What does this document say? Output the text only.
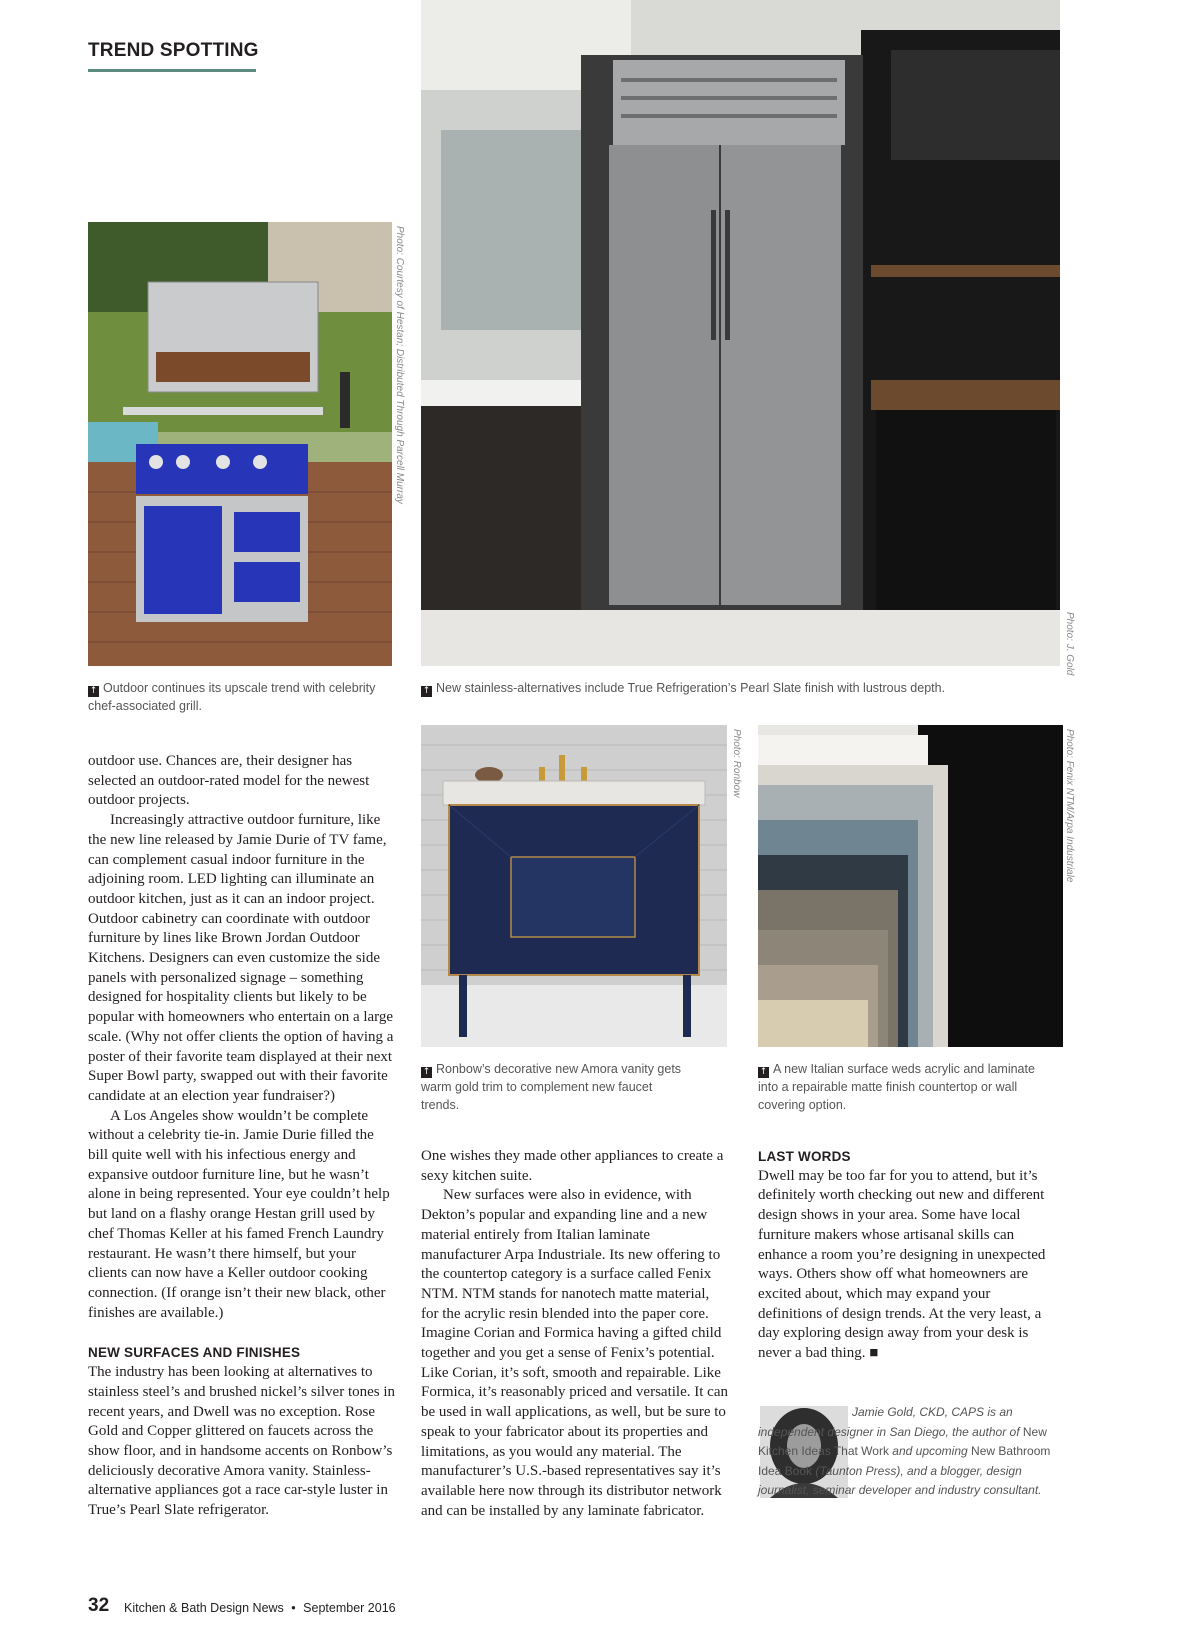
TREND SPOTTING
Photo: Courtesy of Hestan; Distributed Through Parcell Murray
Photo: J. Gold
↑ Outdoor continues its upscale trend with celebrity chef-associated grill.
↑ New stainless-alternatives include True Refrigeration’s Pearl Slate finish with lustrous depth.
Photo: Ronbow	Photo: Fenix NTM/Arpa Industriale
↑ Ronbow’s decorative new Amora vanity gets warm gold trim to complement new faucet trends.
↑ A new Italian surface weds acrylic and laminate into a repairable matte finish countertop or wall covering option.

outdoor use. Chances are, their designer has selected an outdoor-rated model for the newest outdoor projects.

Increasingly attractive outdoor furniture, like the new line released by Jamie Durie of TV fame, can complement casual indoor furniture in the adjoining room. LED lighting can illuminate an outdoor kitchen, just as it can an indoor project. Outdoor cabinetry can coordinate with outdoor furniture by lines like Brown Jordan Outdoor Kitchens. Designers can even customize the side panels with personalized signage – something designed for hospitality clients but likely to be popular with homeowners who entertain on a large scale. (Why not offer clients the option of having a poster of their favorite team displayed at their next Super Bowl party, swapped out with their favorite candidate at an election year fundraiser?)

A Los Angeles show wouldn’t be complete without a celebrity tie-in. Jamie Durie filled the bill quite well with his infectious energy and expansive outdoor furniture line, but he wasn’t alone in being represented. Your eye couldn’t help but land on a flashy orange Hestan grill used by chef Thomas Keller at his famed French Laundry restaurant. He wasn’t there himself, but your clients can now have a Keller outdoor cooking connection. (If orange isn’t their new black, other finishes are available.)

NEW SURFACES AND FINISHES

The industry has been looking at alternatives to stainless steel’s and brushed nickel’s silver tones in recent years, and Dwell was no exception. Rose Gold and Copper glittered on faucets across the show floor, and in handsome accents on Ronbow’s deliciously decorative Amora vanity. Stainless-alternative appliances got a race car-style luster in True’s Pearl Slate refrigerator.

One wishes they made other appliances to create a sexy kitchen suite.

New surfaces were also in evidence, with Dekton’s popular and expanding line and a new material entirely from Italian laminate manufacturer Arpa Industriale. Its new offering to the countertop category is a surface called Fenix NTM. NTM stands for nanotech matte material, for the acrylic resin blended into the paper core. Imagine Corian and Formica having a gifted child together and you get a sense of Fenix’s potential. Like Corian, it’s soft, smooth and repairable. Like Formica, it’s reasonably priced and versatile. It can be used in wall applications, as well, but be sure to speak to your fabricator about its properties and limitations, as you would any material. The manufacturer’s U.S.-based representatives say it’s available here now through its distributor network and can be installed by any laminate fabricator.

LAST WORDS

Dwell may be too far for you to attend, but it’s definitely worth checking out new and different design shows in your area. Some have local furniture makers whose artisanal skills can enhance a room you’re designing in unexpected ways. Others show off what homeowners are excited about, which may expand your definitions of design trends. At the very least, a day exploring design away from your desk is never a bad thing. ■

Jamie Gold, CKD, CAPS is an independent designer in San Diego, the author of New Kitchen Ideas That Work and upcoming New Bathroom Idea Book (Taunton Press), and a blogger, design journalist, seminar developer and industry consultant.
32 Kitchen & Bath Design News • September 2016
